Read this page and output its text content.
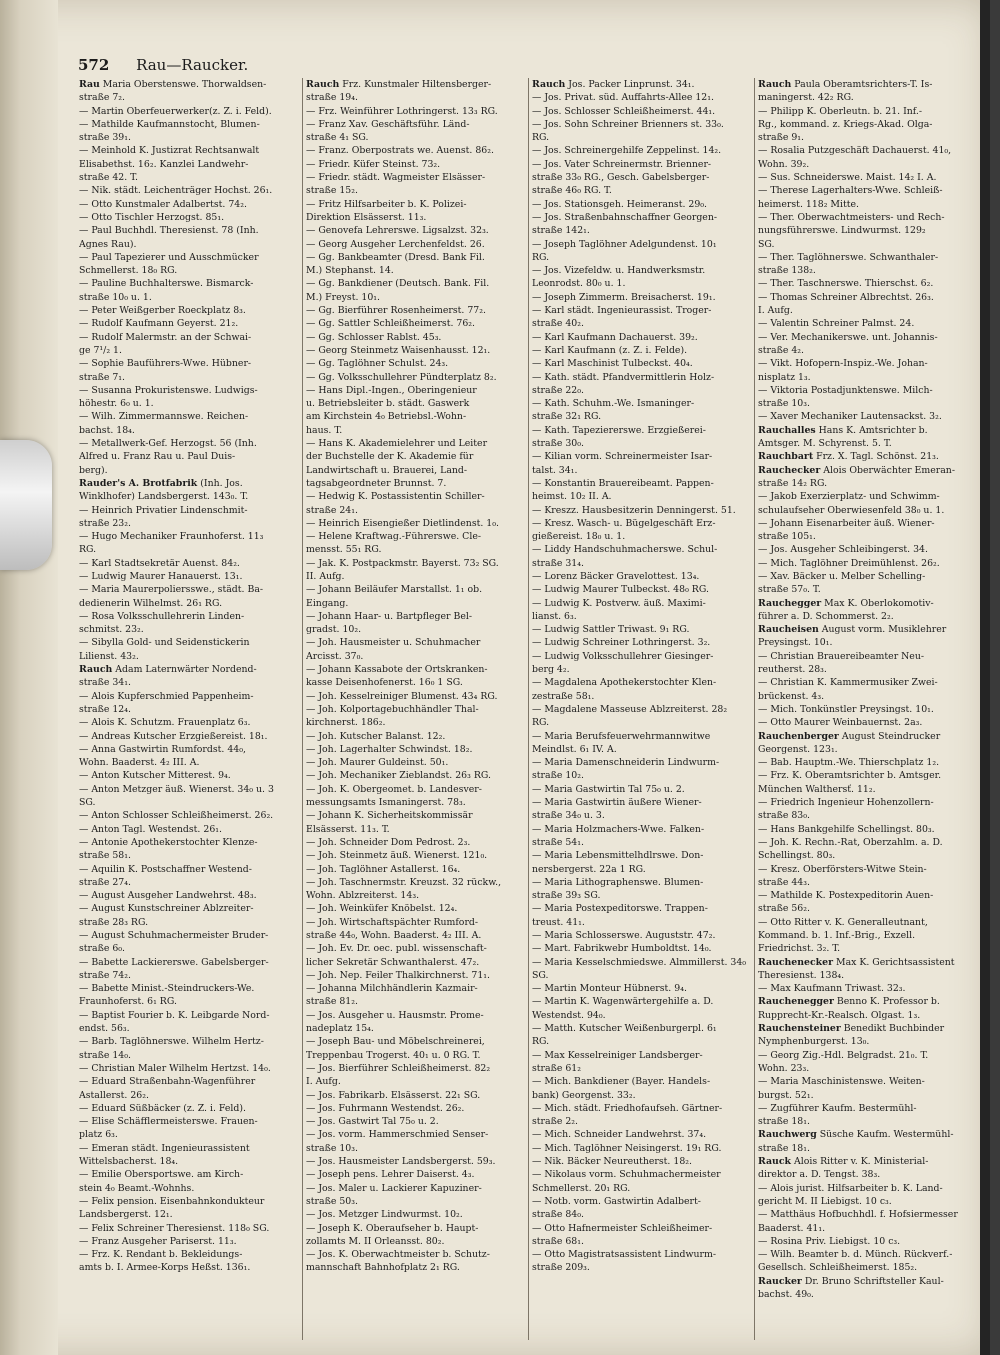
572 Rau—Raucker.
Rau Maria Oberstenswe. Thorwaldsen-
straße 7₂.
— Martin Oberfeuerwerker(z. Z. i. Feld).
— Mathilde Kaufmannstocht, Blumen-
straße 39₁.
— Meinhold K. Justizrat Rechtsanwalt
Elisabethst. 16₂. Kanzlei Landwehr-
straße 42. T.
— Nik. städt. Leichenträger Hochst. 26₁.
— Otto Kunstmaler Adalbertst. 74₂.
— Otto Tischler Herzogst. 85₁.
— Paul Buchhdl. Theresienst. 78 (Inh.
Agnes Rau).
— Paul Tapezierer und Ausschmücker
Schmellerst. 18₀ RG.
— Pauline Buchhalterswe. Bismarck-
straße 10₀ u. 1.
— Peter Weißgerber Roeckplatz 8₃.
— Rudolf Kaufmann Geyerst. 21₂.
— Rudolf Malermstr. an der Schwai-
ge 7¹/₂ 1.
— Sophie Bauführers-Wwe. Hübner-
straße 7₁.
— Susanna Prokuristenswe. Ludwigs-
höhestr. 6₀ u. 1.
— Wilh. Zimmermannswe. Reichen-
bachst. 18₄.
— Metallwerk-Gef. Herzogst. 56 (Inh.
Alfred u. Franz Rau u. Paul Duis-
berg).
Rauder's A. Brotfabrik (Inh. Jos.
Winklhofer) Landsbergerst. 143₀. T.
— Heinrich Privatier Lindenschmit-
straße 23₂.
— Hugo Mechaniker Fraunhoferst. 11₃
RG.
— Karl Stadtsekretär Auenst. 84₂.
— Ludwig Maurer Hanauerst. 13₁.
— Maria Maurerpoliersswe., städt. Ba-
dedienerin Wilhelmst. 26₁ RG.
— Rosa Volksschullehrerin Linden-
schmitst. 23₂.
— Sibylla Gold- und Seidenstickerin
Lilienst. 43₂.
Rauch Adam Laternwärter Nordend-
straße 34₁.
— Alois Kupferschmied Pappenheim-
straße 12₄.
— Alois K. Schutzm. Frauenplatz 6₃.
— Andreas Kutscher Erzgießereist. 18₁.
— Anna Gastwirtin Rumfordst. 44₀,
Wohn. Baaderst. 4₂ III. A.
— Anton Kutscher Mitterest. 9₄.
— Anton Metzger äuß. Wienerst. 34₀ u. 3
SG.
— Anton Schlosser Schleißheimerst. 26₂.
— Anton Tagl. Westendst. 26₁.
— Antonie Apothekerstochter Klenze-
straße 58₁.
— Aquilin K. Postschaffner Westend-
straße 27₄.
— August Ausgeher Landwehrst. 48₃.
— August Kunstschreiner Ablzreiter-
straße 28₃ RG.
— August Schuhmachermeister Bruder-
straße 6₀.
— Babette Lackiererswe. Gabelsberger-
straße 74₂.
— Babette Minist.-Steindruckers-We.
Fraunhoferst. 6₁ RG.
— Baptist Fourier b. K. Leibgarde Nord-
endst. 56₃.
— Barb. Taglöhnerswe. Wilhelm Hertz-
straße 14₀.
— Christian Maler Wilhelm Hertzst. 14₀.
— Eduard Straßenbahn-Wagenführer
Astallerst. 26₂.
— Eduard Süßbäcker (z. Z. i. Feld).
— Elise Schäfflermeisterswe. Frauen-
platz 6₃.
— Emeran städt. Ingenieurassistent
Wittelsbacherst. 18₄.
— Emilie Obersportswe. am Kirch-
stein 4₀ Beamt.-Wohnhs.
— Felix pension. Eisenbahnkondukteur
Landsbergerst. 12₁.
— Felix Schreiner Theresienst. 118₀ SG.
— Franz Ausgeher Pariserst. 11₃.
— Frz. K. Rendant b. Bekleidungs-
amts b. I. Armee-Korps Heßst. 136₁.
Rauch Frz. Kunstmaler Hiltensberger-
straße 19₄.
— Frz. Weinführer Lothringerst. 13₃ RG.
— Franz Xav. Geschäftsführ. Länd-
straße 4₁ SG.
— Franz. Oberpostrats we. Auenst. 86₂.
— Friedr. Küfer Steinst. 73₂.
— Friedr. städt. Wagmeister Elsässer-
straße 15₂.
— Fritz Hilfsarbeiter b. K. Polizei-
Direktion Elsässerst. 11₃.
— Genovefa Lehrerswe. Ligsalzst. 32₃.
— Georg Ausgeher Lerchenfeldst. 26.
— Gg. Bankbeamter (Dresd. Bank Fil.
M.) Stephanst. 14.
— Gg. Bankdiener (Deutsch. Bank. Fil.
M.) Freyst. 10₁.
— Gg. Bierführer Rosenheimerst. 77₂.
— Gg. Sattler Schleißheimerst. 76₂.
— Gg. Schlosser Rablst. 45₃.
— Georg Steinmetz Waisenhausst. 12₁.
— Gg. Taglöhner Schulst. 24₃.
— Gg. Volksschullehrer Pündterplatz 8₂.
— Hans Dipl.-Ingen., Oberingenieur
u. Betriebsleiter b. städt. Gaswerk
am Kirchstein 4₀ Betriebsl.-Wohn-
haus. T.
— Hans K. Akademielehrer und Leiter
der Buchstelle der K. Akademie für
Landwirtschaft u. Brauerei, Land-
tagsabgeordneter Brunnst. 7.
— Hedwig K. Postassistentin Schiller-
straße 24₁.
— Heinrich Eisengießer Dietlindenst. 1₀.
— Helene Kraftwag.-Führerswe. Cle-
mensst. 55₁ RG.
— Jak. K. Postpackmstr. Bayerst. 73₂ SG.
II. Aufg.
— Johann Beiläufer Marstallst. 1₁ ob.
Eingang.
— Johann Haar- u. Bartpfleger Bel-
gradst. 10₂.
— Joh. Hausmeister u. Schuhmacher
Arcisst. 37₀.
— Johann Kassabote der Ortskranken-
kasse Deisenhofenerst. 16₀ 1 SG.
— Joh. Kesselreiniger Blumenst. 43₄ RG.
— Joh. Kolportagebuchhändler Thal-
kirchnerst. 186₂.
— Joh. Kutscher Balanst. 12₂.
— Joh. Lagerhalter Schwindst. 18₂.
— Joh. Maurer Guldeinst. 50₁.
— Joh. Mechaniker Zieblandst. 26₃ RG.
— Joh. K. Obergeomet. b. Landesver-
messungsamts Ismaningerst. 78₃.
— Johann K. Sicherheitskommissär
Elsässerst. 11₃. T.
— Joh. Schneider Dom Pedrost. 2₃.
— Joh. Steinmetz äuß. Wienerst. 121₀.
— Joh. Taglöhner Astallerst. 16₄.
— Joh. Taschnermstr. Kreuzst. 32 rückw.,
Wohn. Ablzreiterst. 14₃.
— Joh. Weinküfer Knöbelst. 12₄.
— Joh. Wirtschaftspächter Rumford-
straße 44₀, Wohn. Baaderst. 4₂ III. A.
— Joh. Ev. Dr. oec. publ. wissenschaft-
licher Sekretär Schwanthalerst. 47₂.
— Joh. Nep. Feiler Thalkirchnerst. 71₁.
— Johanna Milchhändlerin Kazmair-
straße 81₂.
— Jos. Ausgeher u. Hausmstr. Prome-
nadeplatz 15₄.
— Joseph Bau- und Möbelschreinerei,
Treppenbau Trogerst. 40₁ u. 0 RG. T.
— Jos. Bierführer Schleißheimerst. 82₂
I. Aufg.
— Jos. Fabrikarb. Elsässerst. 22₁ SG.
— Jos. Fuhrmann Westendst. 26₂.
— Jos. Gastwirt Tal 75₀ u. 2.
— Jos. vorm. Hammerschmied Senser-
straße 10₃.
— Jos. Hausmeister Landsbergerst. 59₃.
— Joseph pens. Lehrer Daiserst. 4₃.
— Jos. Maler u. Lackierer Kapuziner-
straße 50₃.
— Jos. Metzger Lindwurmst. 10₂.
— Joseph K. Oberaufseher b. Haupt-
zollamts M. II Orleansst. 80₂.
— Jos. K. Oberwachtmeister b. Schutz-
mannschaft Bahnhofplatz 2₁ RG.
Rauch Jos. Packer Linprunst. 34₁.
— Jos. Privat. süd. Auffahrts-Allee 12₁.
— Jos. Schlosser Schleißheimerst. 44₁.
— Jos. Sohn Schreiner Brienners st. 33₀.
RG.
— Jos. Schreinergehilfe Zeppelinst. 14₂.
— Jos. Vater Schreinermstr. Brienner-
straße 33₀ RG., Gesch. Gabelsberger-
straße 46₀ RG. T.
— Jos. Stationsgeh. Heimeranst. 29₀.
— Jos. Straßenbahnschaffner Georgen-
straße 142₁.
— Joseph Taglöhner Adelgundenst. 10₁
RG.
— Jos. Vizefeldw. u. Handwerksmstr.
Leonrodst. 80₀ u. 1.
— Joseph Zimmerm. Breisacherst. 19₁.
— Karl städt. Ingenieurassist. Troger-
straße 40₂.
— Karl Kaufmann Dachauerst. 39₂.
— Karl Kaufmann (z. Z. i. Felde).
— Karl Maschinist Tulbeckst. 40₄.
— Kath. städt. Pfandvermittlerin Holz-
straße 22₀.
— Kath. Schuhm.-We. Ismaninger-
straße 32₁ RG.
— Kath. Tapeziererswe. Erzgießerei-
straße 30₀.
— Kilian vorm. Schreinermeister Isar-
talst. 34₁.
— Konstantin Brauereibeamt. Pappen-
heimst. 10₂ II. A.
— Kreszz. Hausbesitzerin Denningerst. 51.
— Kresz. Wasch- u. Bügelgeschäft Erz-
gießereist. 18₀ u. 1.
— Liddy Handschuhmacherswe. Schul-
straße 31₄.
— Lorenz Bäcker Gravelottest. 13₄.
— Ludwig Maurer Tulbeckst. 48₀ RG.
— Ludwig K. Postverw. äuß. Maximi-
lianst. 6₃.
— Ludwig Sattler Triwast. 9₁ RG.
— Ludwig Schreiner Lothringerst. 3₂.
— Ludwig Volksschullehrer Giesinger-
berg 4₂.
— Magdalena Apothekerstochter Klen-
zestraße 58₁.
— Magdalene Masseuse Ablzreiterst. 28₂
RG.
— Maria Berufsfeuerwehrmannwitwe
Meindlst. 6₁ IV. A.
— Maria Damenschneiderin Lindwurm-
straße 10₂.
— Maria Gastwirtin Tal 75₀ u. 2.
— Maria Gastwirtin äußere Wiener-
straße 34₀ u. 3.
— Maria Holzmachers-Wwe. Falken-
straße 54₁.
— Maria Lebensmittelhdlrswe. Don-
nersbergerst. 22a 1 RG.
— Maria Lithographenswe. Blumen-
straße 39₃ SG.
— Maria Postexpeditorswe. Trappen-
treust. 41₁.
— Maria Schlosserswe. Auguststr. 47₂.
— Mart. Fabrikwebr Humboldtst. 14₀.
— Maria Kesselschmiedswe. Almmillerst. 34₀
SG.
— Martin Monteur Hübnerst. 9₄.
— Martin K. Wagenwärtergehilfe a. D.
Westendst. 94₀.
— Matth. Kutscher Weißenburgerpl. 6₁
RG.
— Max Kesselreiniger Landsberger-
straße 61₂
— Mich. Bankdiener (Bayer. Handels-
bank) Georgenst. 33₂.
— Mich. städt. Friedhofaufseh. Gärtner-
straße 2₂.
— Mich. Schneider Landwehrst. 37₄.
— Mich. Taglöhner Neisingerst. 19₁ RG.
— Nik. Bäcker Neureutherst. 18₂.
— Nikolaus vorm. Schuhmachermeister
Schmellerst. 20₁ RG.
— Notb. vorm. Gastwirtin Adalbert-
straße 84₀.
— Otto Hafnermeister Schleißheimer-
straße 68₁.
— Otto Magistratsassistent Lindwurm-
straße 209₃.
Rauch Paula Oberamtsrichters-T. Is-
maningerst. 42₂ RG.
— Philipp K. Oberleutn. b. 21. Inf.-
Rg., kommand. z. Kriegs-Akad. Olga-
straße 9₁.
— Rosalia Putzgeschäft Dachauerst. 41₀,
Wohn. 39₂.
— Sus. Schneiderswe. Maist. 14₂ I. A.
— Therese Lagerhalters-Wwe. Schleiß-
heimerst. 118₂ Mitte.
— Ther. Oberwachtmeisters- und Rech-
nungsführerswe. Lindwurmst. 129₂
SG.
— Ther. Taglöhnerswe. Schwanthaler-
straße 138₂.
— Ther. Taschnerswe. Thierschst. 6₂.
— Thomas Schreiner Albrechtst. 26₃.
I. Aufg.
— Valentin Schreiner Palmst. 24.
— Ver. Mechanikerswe. unt. Johannis-
straße 4₂.
— Vikt. Hofopern-Inspiz.-We. Johan-
nisplatz 1₃.
— Viktoria Postadjunktenswe. Milch-
straße 10₃.
— Xaver Mechaniker Lautensackst. 3₂.
Rauchalles Hans K. Amtsrichter b.
Amtsger. M. Schyrenst. 5. T.
Rauchbart Frz. X. Tagl. Schönst. 21₃.
Rauchecker Alois Oberwächter Emeran-
straße 14₂ RG.
— Jakob Exerzierplatz- und Schwimm-
schulaufseher Oberwiesenfeld 38₀ u. 1.
— Johann Eisenarbeiter äuß. Wiener-
straße 105₁.
— Jos. Ausgeher Schleibingerst. 34.
— Mich. Taglöhner Dreimühlenst. 26₂.
— Xav. Bäcker u. Melber Schelling-
straße 57₀. T.
Rauchegger Max K. Oberlokomotiv-
führer a. D. Schommerst. 2₂.
Raucheisen August vorm. Musiklehrer
Preysingst. 10₁.
— Christian Brauereibeamter Neu-
reutherst. 28₃.
— Christian K. Kammermusiker Zwei-
brückenst. 4₃.
— Mich. Tonkünstler Preysingst. 10₁.
— Otto Maurer Weinbauernst. 2a₃.
Rauchenberger August Steindrucker
Georgenst. 123₁.
— Bab. Hauptm.-We. Thierschplatz 1₂.
— Frz. K. Oberamtsrichter b. Amtsger.
München Walthersť. 11₂.
— Friedrich Ingenieur Hohenzollern-
straße 83₀.
— Hans Bankgehilfe Schellingst. 80₃.
— Joh. K. Rechn.-Rat, Oberzahlm. a. D.
Schellingst. 80₃.
— Kresz. Oberförsters-Witwe Stein-
straße 44₃.
— Mathilde K. Postexpeditorin Auen-
straße 56₂.
— Otto Ritter v. K. Generalleutnant,
Kommand. b. 1. Inf.-Brig., Exzell.
Friedrichst. 3₂. T.
Rauchenecker Max K. Gerichtsassistent
Theresienst. 138₄.
— Max Kaufmann Triwast. 32₃.
Rauchenegger Benno K. Professor b.
Rupprecht-Kr.-Realsch. Olgast. 1₃.
Rauchensteiner Benedikt Buchbinder
Nymphenburgerst. 13₀.
— Georg Zig.-Hdl. Belgradst. 21₀. T.
Wohn. 23₃.
— Maria Maschinistenswe. Weiten-
burgst. 52₁.
— Zugführer Kaufm. Bestermühl-
straße 18₁.
Rauchwerg Süsche Kaufm. Westermühl-
straße 18₁.
Rauck Alois Ritter v. K. Ministerial-
direktor a. D. Tengst. 38₃.
— Alois jurist. Hilfsarbeiter b. K. Land-
gericht M. II Liebigst. 10 c₃.
— Matthäus Hofbuchhdl. f. Hofsiermesser
Baaderst. 41₁.
— Rosina Priv. Liebigst. 10 c₃.
— Wilh. Beamter b. d. Münch. Rückverf.-
Gesellsch. Schleißheimerst. 185₂.
Raucker Dr. Bruno Schriftsteller Kaul-
bachst. 49₀.
